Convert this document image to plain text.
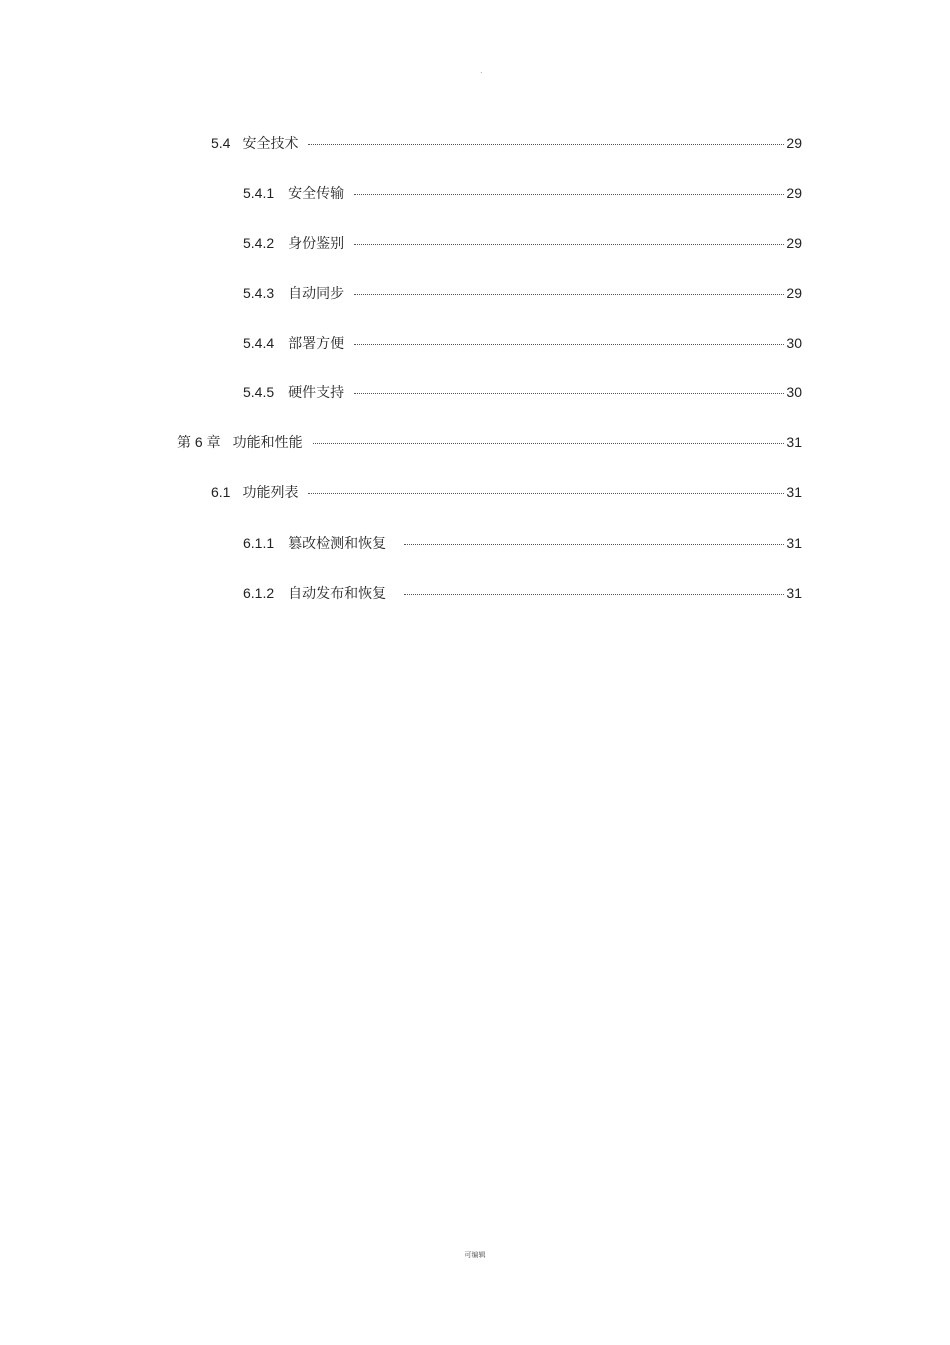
.
5.4 安全技术	29
5.4.1 安全传输	29
5.4.2 身份鉴别	29
5.4.3 自动同步	29
5.4.4 部署方便	30
5.4.5 硬件支持	30
第 6 章 功能和性能	31
6.1 功能列表	31
6.1.1 篡改检测和恢复	31
6.1.2 自动发布和恢复	31
可编辑
